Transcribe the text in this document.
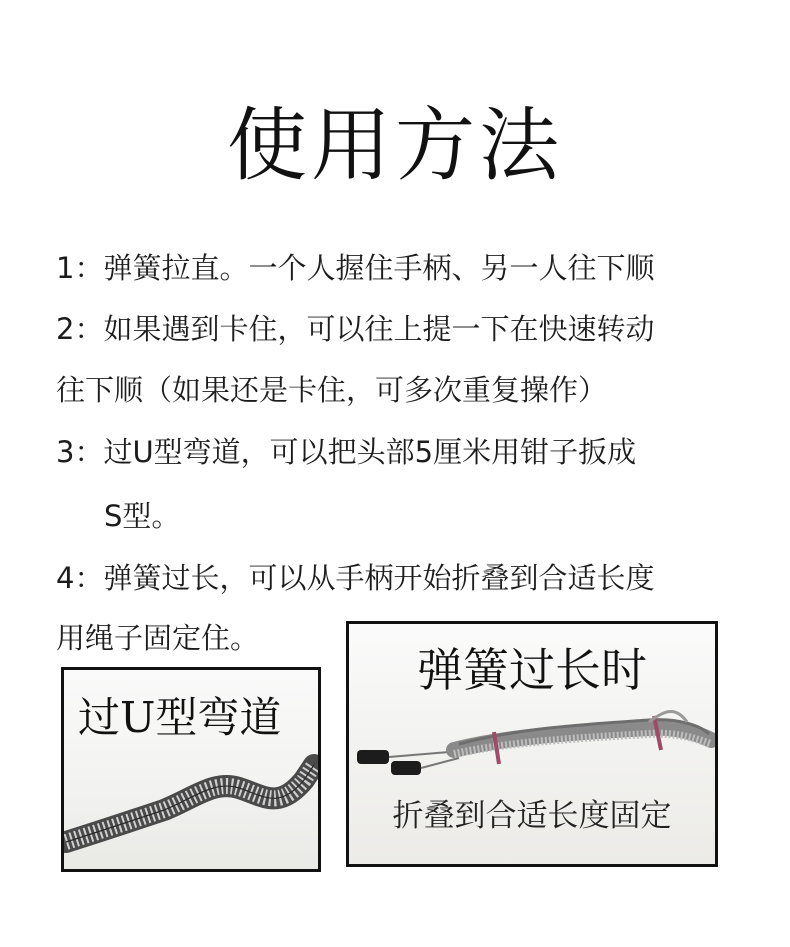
使用方法
1：弹簧拉直。一个人握住手柄、另一人往下顺
2：如果遇到卡住，可以往上提一下在快速转动
往下顺（如果还是卡住，可多次重复操作）
3：过U型弯道，可以把头部5厘米用钳子扳成
S型。
4：弹簧过长，可以从手柄开始折叠到合适长度
用绳子固定住。
过U型弯道
弹簧过长时
折叠到合适长度固定
